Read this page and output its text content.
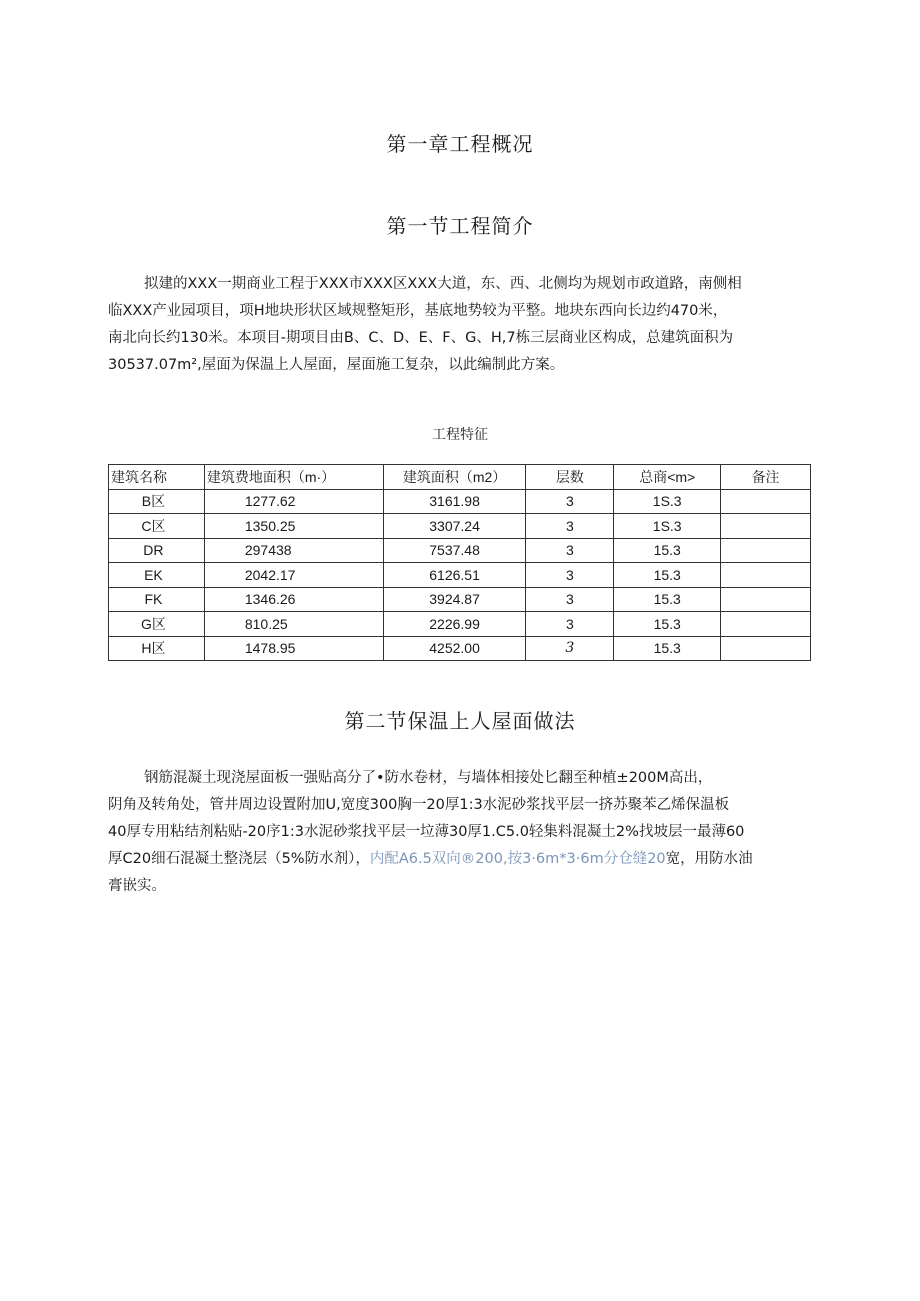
第一章工程概况
第一节工程简介
拟建的XXX一期商业工程于XXX市XXX区XXX大道，东、西、北侧均为规划市政道路，南侧相
临XXX产业园项目，项H地块形状区域规整矩形，基底地势较为平整。地块东西向长边约470米，
南北向长约130米。本项目-期项目由B、C、D、E、F、G、H,7栋三层商业区构成，总建筑面积为
30537.07m²,屋面为保温上人屋面，屋面施工复杂，以此编制此方案。
工程特征
建筑名称	建筑费地面积（m·）	建筑面积（m2）	层数	总商<m>	备注
B区	1277.62	3161.98	3	1S.3	
C区	1350.25	3307.24	3	1S.3	
DR	297438	7537.48	3	15.3	
EK	2042.17	6126.51	3	15.3	
FK	1346.26	3924.87	3	15.3	
G区	810.25	2226.99	3	15.3	
H区	1478.95	4252.00	3	15.3	
第二节保温上人屋面做法
钢筋混凝土现浇屋面板一强贴高分了•防水卷材，与墙体相接处匕翻至种植±200M高出，
阴角及转角处，管井周边设置附加U,宽度300胸一20厚1:3水泥砂浆找平层一挤苏聚苯乙烯保温板
40厚专用粘结剂粘贴-20序1:3水泥砂浆找平层一垃薄30厚1.C5.0轻集料混凝土2%找坡层一最薄60
厚C20细石混凝土整浇层（5%防水剂），内配A6.5双向®200,按3·6m*3·6m分仓缝20宽，用防水油
膏嵌实。
